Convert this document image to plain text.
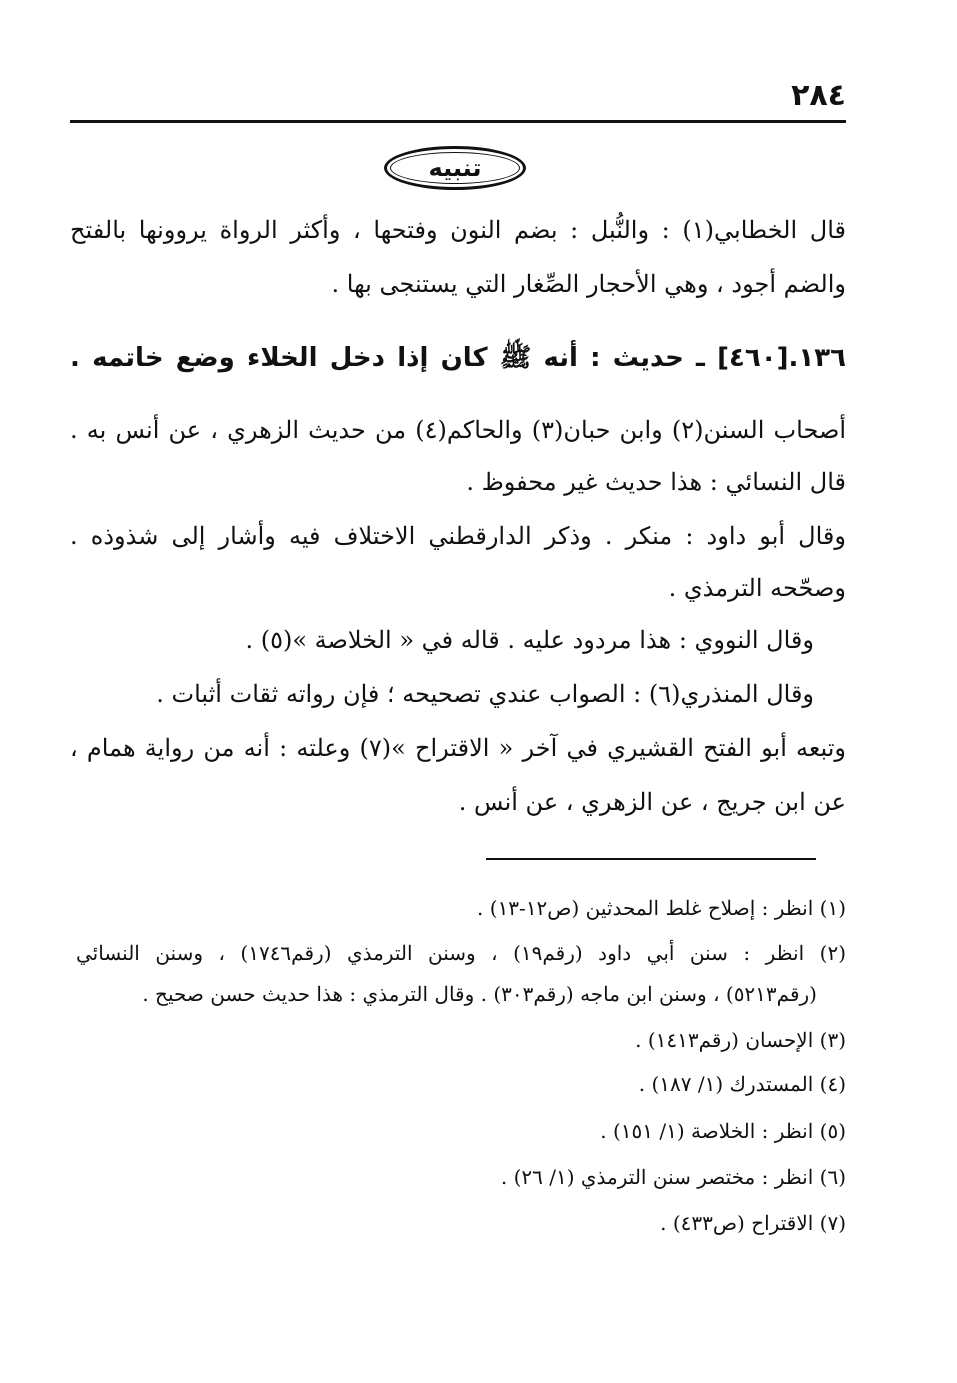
٢٨٤
تنبيه
قال الخطابي(١) : والنُّبل : بضم النون وفتحها ، وأكثر الرواة يروونها بالفتح
والضم أجود ، وهي الأحجار الصِّغار التي يستنجى بها .
١٣٦.[٤٦٠] ـ حديث : أنه ﷺ كان إذا دخل الخلاء وضع خاتمه .
أصحاب السنن(٢) وابن حبان(٣) والحاكم(٤) من حديث الزهري ، عن أنس به .
قال النسائي : هذا حديث غير محفوظ .
وقال أبو داود : منكر . وذكر الدارقطني الاختلاف فيه وأشار إلى شذوذه .
وصحّحه الترمذي .
وقال النووي : هذا مردود عليه . قاله في « الخلاصة »(٥) .
وقال المنذري(٦) : الصواب عندي تصحيحه ؛ فإن رواته ثقات أثبات .
وتبعه أبو الفتح القشيري في آخر « الاقتراح »(٧) وعلته : أنه من رواية همام ،
عن ابن جريج ، عن الزهري ، عن أنس .
(١) انظر : إصلاح غلط المحدثين (ص١٢-١٣) .
(٢) انظر : سنن أبي داود (رقم١٩) ، وسنن الترمذي (رقم١٧٤٦) ، وسنن النسائي
(رقم٥٢١٣) ، وسنن ابن ماجه (رقم٣٠٣) . وقال الترمذي : هذا حديث حسن صحيح .
(٣) الإحسان (رقم١٤١٣) .
(٤) المستدرك (١/ ١٨٧) .
(٥) انظر : الخلاصة (١/ ١٥١) .
(٦) انظر : مختصر سنن الترمذي (١/ ٢٦) .
(٧) الاقتراح (ص٤٣٣) .
